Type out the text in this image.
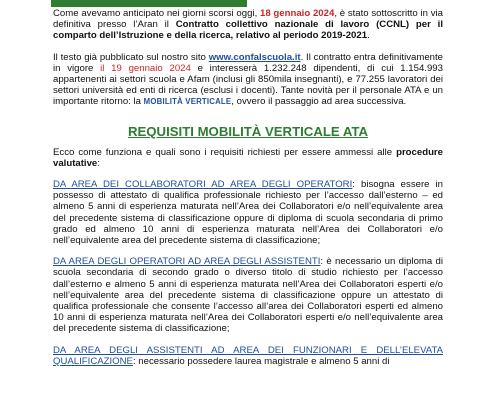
Come avevamo anticipato nei giorni scorsi oggi, 18 gennaio 2024, è stato sottoscritto in via definitiva presso l’Aran il Contratto collettivo nazionale di lavoro (CCNL) per il comparto dell’Istruzione e della ricerca, relativo al periodo 2019-2021.

Il testo già pubblicato sul nostro sito www.confalscuola.it. Il contratto entra definitivamente in vigore il 19 gennaio 2024 e interesserà 1.232.248 dipendenti, di cui 1.154.993 appartenenti ai settori scuola e Afam (inclusi gli 850mila insegnanti), e 77.255 lavoratori dei settori università ed enti di ricerca (esclusi i docenti). Tante novità per il personale ATA e un importante ritorno: la MOBILITÀ VERTICALE, ovvero il passaggio ad area successiva.

REQUISITI MOBILITÀ VERTICALE ATA

Ecco come funziona e quali sono i requisiti richiesti per essere ammessi alle procedure valutative:

DA AREA DEI COLLABORATORI AD AREA DEGLI OPERATORI: bisogna essere in possesso di attestato di qualifica professionale richiesto per l’accesso dall’esterno – ed almeno 5 anni di esperienza maturata nell’Area dei Collaboratori e/o nell’equivalente area del precedente sistema di classificazione oppure di diploma di scuola secondaria di primo grado ed almeno 10 anni di esperienza maturata nell’Area dei Collaboratori e/o nell’equivalente area del precedente sistema di classificazione;

DA AREA DEGLI OPERATORI AD AREA DEGLI ASSISTENTI: è necessario un diploma di scuola secondaria di secondo grado o diverso titolo di studio richiesto per l’accesso dall’esterno e almeno 5 anni di esperienza maturata nell’Area dei Collaboratori esperti e/o nell’equivalente area del precedente sistema di classificazione oppure un attestato di qualifica professionale che consente l’accesso all’area dei Collaboratori esperti ed almeno 10 anni di esperienza maturata nell’Area dei Collaboratori esperti e/o nell’equivalente area del precedente sistema di classificazione;

DA AREA DEGLI ASSISTENTI AD AREA DEI FUNZIONARI E DELL’ELEVATA QUALIFICAZIONE: necessario possedere laurea magistrale e almeno 5 anni di
